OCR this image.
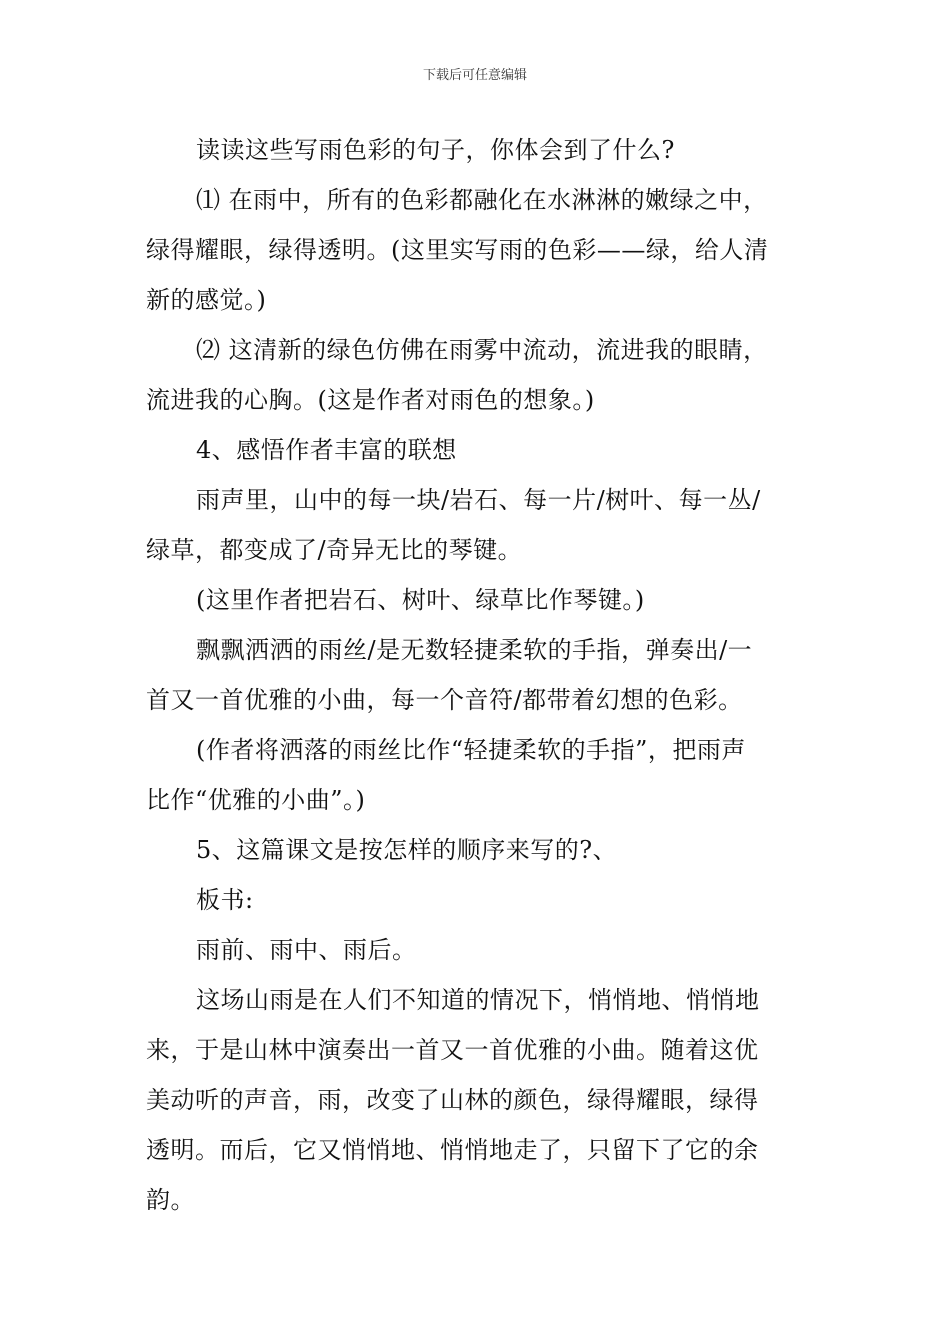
下载后可任意编辑
读读这些写雨色彩的句子，你体会到了什么?
⑴ 在雨中，所有的色彩都融化在水淋淋的嫩绿之中，
绿得耀眼，绿得透明。(这里实写雨的色彩——绿，给人清
新的感觉。)
⑵ 这清新的绿色仿佛在雨雾中流动，流进我的眼睛，
流进我的心胸。(这是作者对雨色的想象。)
4、感悟作者丰富的联想
雨声里，山中的每一块/岩石、每一片/树叶、每一丛/
绿草，都变成了/奇异无比的琴键。
(这里作者把岩石、树叶、绿草比作琴键。)
飘飘洒洒的雨丝/是无数轻捷柔软的手指，弹奏出/一
首又一首优雅的小曲，每一个音符/都带着幻想的色彩。
(作者将洒落的雨丝比作“轻捷柔软的手指”，把雨声
比作“优雅的小曲”。)
5、这篇课文是按怎样的顺序来写的?、
板书:
雨前、雨中、雨后。
这场山雨是在人们不知道的情况下，悄悄地、悄悄地
来，于是山林中演奏出一首又一首优雅的小曲。随着这优
美动听的声音，雨，改变了山林的颜色，绿得耀眼，绿得
透明。而后，它又悄悄地、悄悄地走了，只留下了它的余
韵。
